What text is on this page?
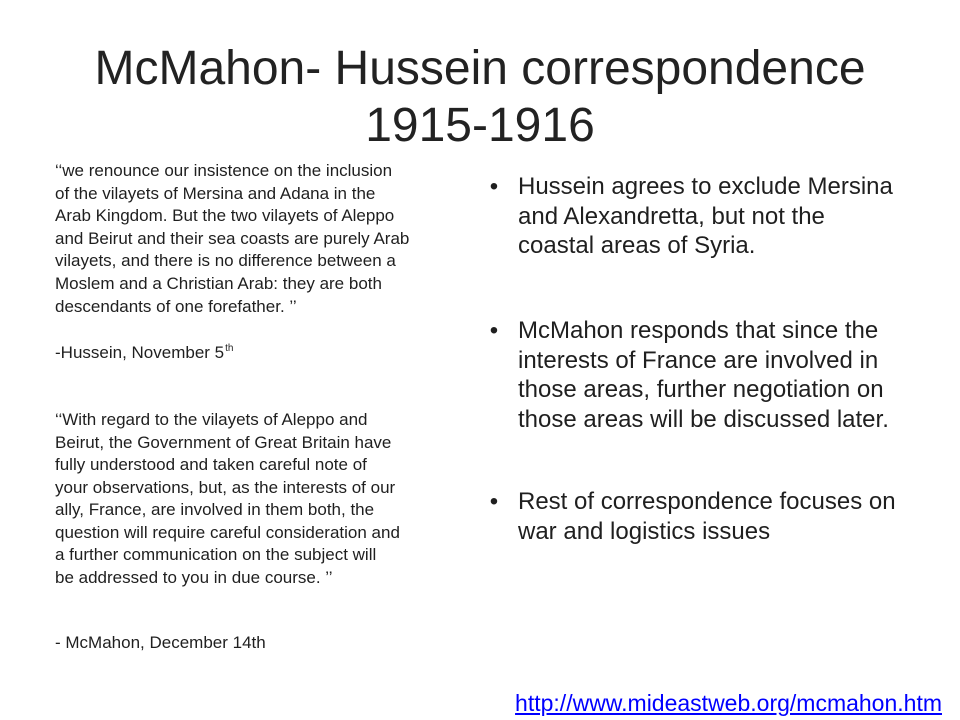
McMahon- Hussein correspondence
1915-1916
‘‘we renounce our insistence on the inclusion
of the vilayets of Mersina and Adana in the
Arab Kingdom. But the two vilayets of Aleppo
and Beirut and their sea coasts are purely Arab
vilayets, and there is no difference between a
Moslem and a Christian Arab: they are both
descendants of one forefather. ’’
-Hussein, November 5th
‘‘With regard to the vilayets of Aleppo and
Beirut, the Government of Great Britain have
fully understood and taken careful note of
your observations, but, as the interests of our
ally, France, are involved in them both, the
question will require careful consideration and
a further communication on the subject will
be addressed to you in due course. ’’
- McMahon, December 14th
• Hussein agrees to exclude Mersina
and Alexandretta, but not the
coastal areas of Syria.
• McMahon responds that since the
interests of France are involved in
those areas, further negotiation on
those areas will be discussed later.
• Rest of correspondence focuses on
war and logistics issues
http://www.mideastweb.org/mcmahon.htm
